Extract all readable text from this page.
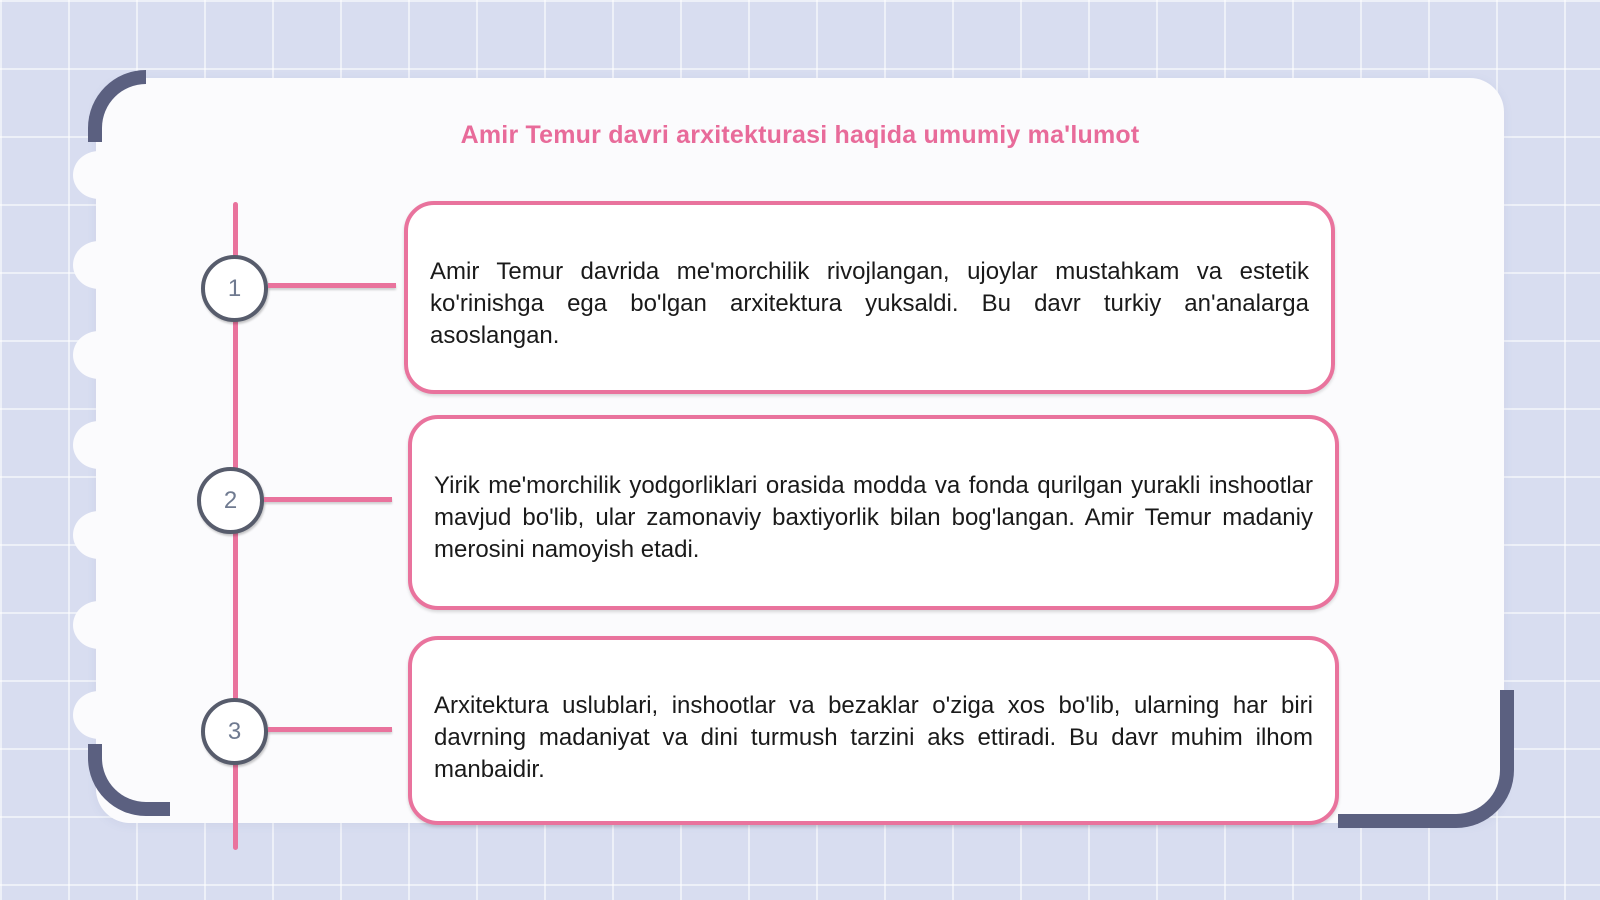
Amir Temur davri arxitekturasi haqida umumiy ma'lumot
1
Amir Temur davrida me'morchilik rivojlangan, ujoylar mustahkam va estetik ko'rinishga ega bo'lgan arxitektura yuksaldi. Bu davr turkiy an'analarga asoslangan.
2
Yirik me'morchilik yodgorliklari orasida modda va fonda qurilgan yurakli inshootlar mavjud bo'lib, ular zamonaviy baxtiyorlik bilan bog'langan. Amir Temur madaniy merosini namoyish etadi.
3
Arxitektura uslublari, inshootlar va bezaklar o'ziga xos bo'lib, ularning har biri davrning madaniyat va dini turmush tarzini aks ettiradi. Bu davr muhim ilhom manbaidir.
